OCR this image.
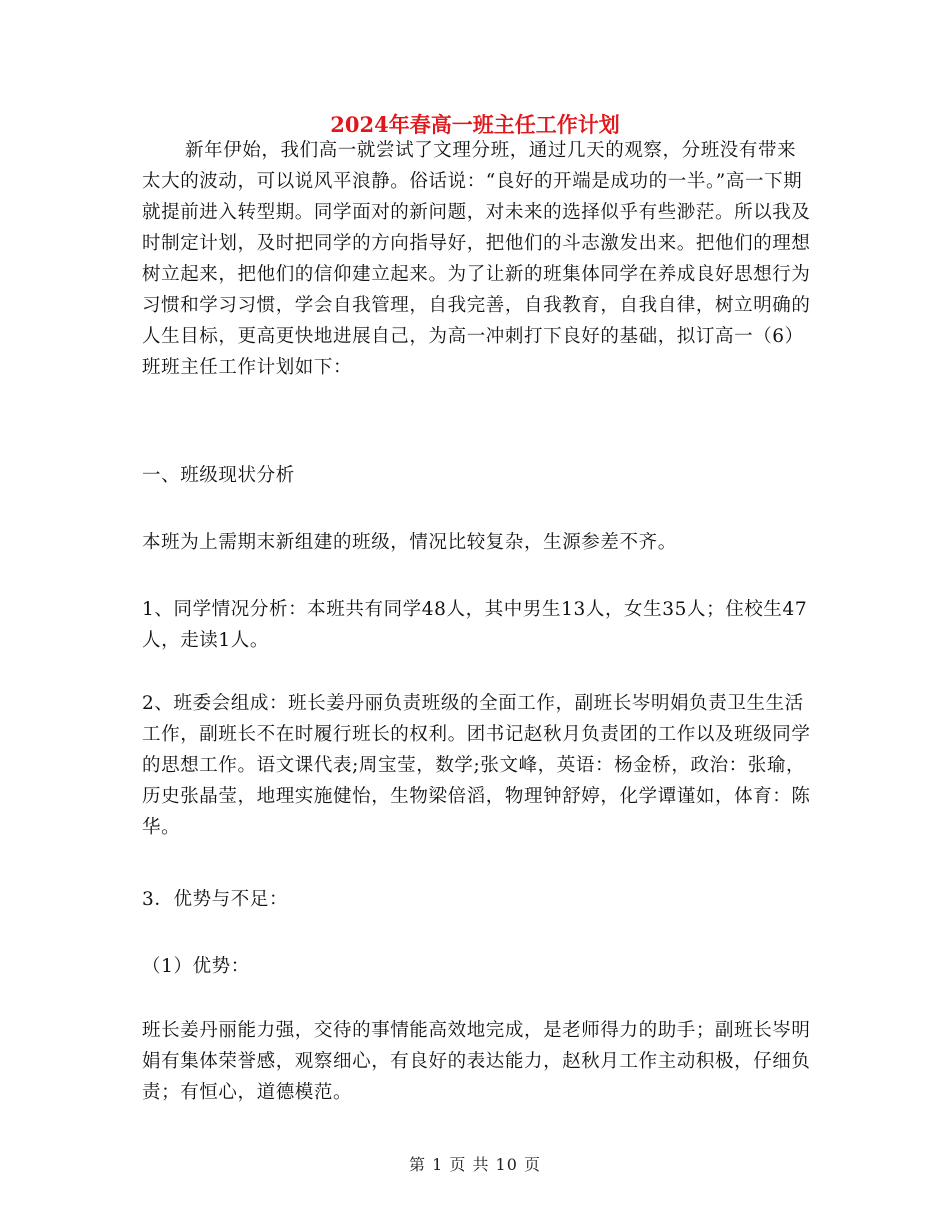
2024年春高一班主任工作计划

新年伊始，我们高一就尝试了文理分班，通过几天的观察，分班没有带来太大的波动，可以说风平浪静。俗话说：“良好的开端是成功的一半。”高一下期就提前进入转型期。同学面对的新问题，对未来的选择似乎有些渺茫。所以我及时制定计划，及时把同学的方向指导好，把他们的斗志激发出来。把他们的理想树立起来，把他们的信仰建立起来。为了让新的班集体同学在养成良好思想行为习惯和学习习惯，学会自我管理，自我完善，自我教育，自我自律，树立明确的人生目标，更高更快地进展自己，为高一冲刺打下良好的基础，拟订高一（6）班班主任工作计划如下：

一、班级现状分析

本班为上需期末新组建的班级，情况比较复杂，生源参差不齐。

1、同学情况分析：本班共有同学48人，其中男生13人，女生35人；住校生47人，走读1人。

2、班委会组成：班长姜丹丽负责班级的全面工作，副班长岑明娟负责卫生生活工作，副班长不在时履行班长的权利。团书记赵秋月负责团的工作以及班级同学的思想工作。语文课代表;周宝莹，数学;张文峰，英语：杨金桥，政治：张瑜，历史张晶莹，地理实施健怡，生物梁倍滔，物理钟舒婷，化学谭谨如，体育：陈华。

3．优势与不足：

（1）优势：

班长姜丹丽能力强，交待的事情能高效地完成，是老师得力的助手；副班长岑明娟有集体荣誉感，观察细心，有良好的表达能力，赵秋月工作主动积极，仔细负责；有恒心，道德模范。

第 1 页 共 10 页
